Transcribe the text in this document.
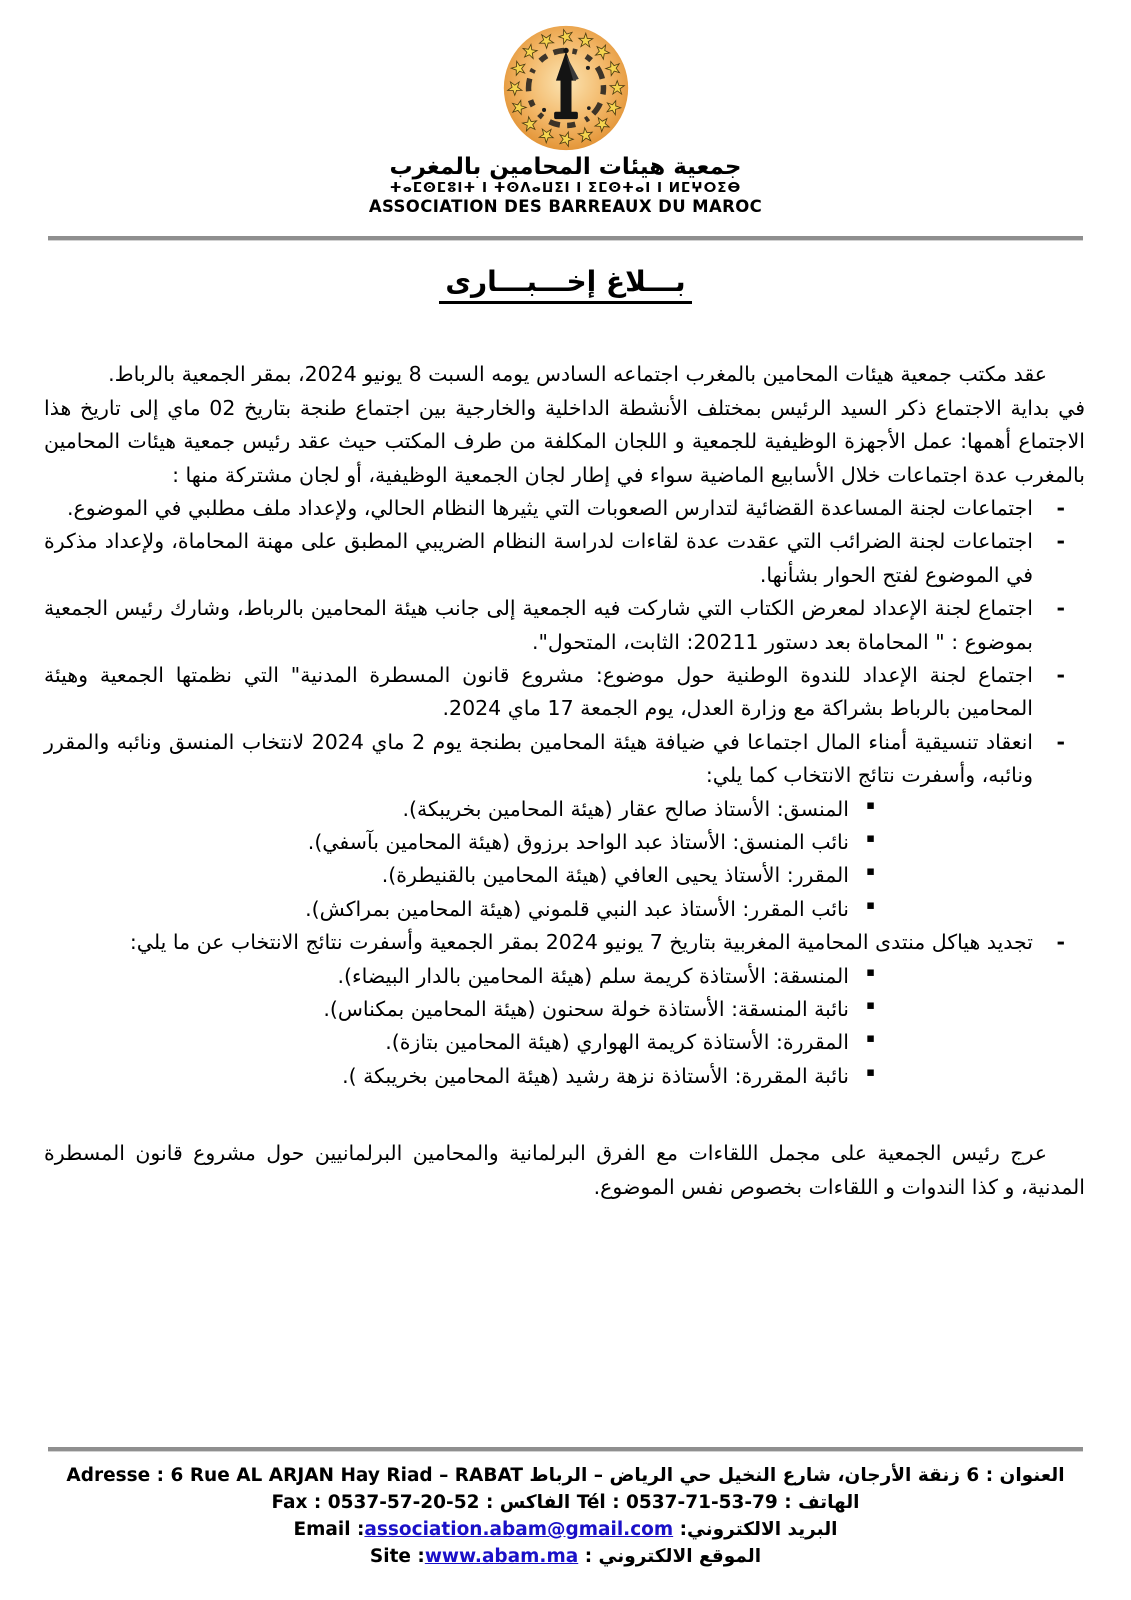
جمعية هيئات المحامين بالمغرب
ⵜⴰⵎⵙⵎⵓⵏⵜ ⵏ ⵜⵙⴷⴰⵡⵉⵏ ⵏ ⵉⵎⵙⵜⴰⵏ ⵏ ⵍⵎⵖⵔⵉⴱ
ASSOCIATION DES BARREAUX DU MAROC
بـــلاغ إخـــبـــارى

عقد مكتب جمعية هيئات المحامين بالمغرب اجتماعه السادس يومه السبت 8 يونيو 2024، بمقر الجمعية بالرباط.

في بداية الاجتماع ذكر السيد الرئيس بمختلف الأنشطة الداخلية والخارجية بين اجتماع طنجة بتاريخ 02 ماي إلى تاريخ هذا الاجتماع أهمها: عمل الأجهزة الوظيفية للجمعية و اللجان المكلفة من طرف المكتب حيث عقد رئيس جمعية هيئات المحامين بالمغرب عدة اجتماعات خلال الأسابيع الماضية سواء في إطار لجان الجمعية الوظيفية، أو لجان مشتركة منها :

-
اجتماعات لجنة المساعدة القضائية لتدارس الصعوبات التي يثيرها النظام الحالي، ولإعداد ملف مطلبي في الموضوع.
-
اجتماعات لجنة الضرائب التي عقدت عدة لقاءات لدراسة النظام الضريبي المطبق على مهنة المحاماة، ولإعداد مذكرة في الموضوع لفتح الحوار بشأنها.
-
اجتماع لجنة الإعداد لمعرض الكتاب التي شاركت فيه الجمعية إلى جانب هيئة المحامين بالرباط، وشارك رئيس الجمعية بموضوع : " المحاماة بعد دستور 20211: الثابت، المتحول".
-
اجتماع لجنة الإعداد للندوة الوطنية حول موضوع: مشروع قانون المسطرة المدنية" التي نظمتها الجمعية وهيئة المحامين بالرباط بشراكة مع وزارة العدل، يوم الجمعة 17 ماي 2024.
-
انعقاد تنسيقية أمناء المال اجتماعا في ضيافة هيئة المحامين بطنجة يوم 2 ماي 2024 لانتخاب المنسق ونائبه والمقرر ونائبه، وأسفرت نتائج الانتخاب كما يلي:
▪
المنسق: الأستاذ صالح عقار (هيئة المحامين بخريبكة).
▪
نائب المنسق: الأستاذ عبد الواحد برزوق (هيئة المحامين بآسفي).
▪
المقرر: الأستاذ يحيى العافي (هيئة المحامين بالقنيطرة).
▪
نائب المقرر: الأستاذ عبد النبي قلموني (هيئة المحامين بمراكش).
-
تجديد هياكل منتدى المحامية المغربية بتاريخ 7 يونيو 2024 بمقر الجمعية وأسفرت نتائج الانتخاب عن ما يلي:
▪
المنسقة: الأستاذة كريمة سلم (هيئة المحامين بالدار البيضاء).
▪
نائبة المنسقة: الأستاذة خولة سحنون (هيئة المحامين بمكناس).
▪
المقررة: الأستاذة كريمة الهواري (هيئة المحامين بتازة).
▪
نائبة المقررة: الأستاذة نزهة رشيد (هيئة المحامين بخريبكة ).

عرج رئيس الجمعية على مجمل اللقاءات مع الفرق البرلمانية والمحامين البرلمانيين حول مشروع قانون المسطرة المدنية، و كذا الندوات و اللقاءات بخصوص نفس الموضوع.

العنوان : 6 زنقة الأرجان، شارع النخيل حي الرياض – الرباط Adresse : 6 Rue AL ARJAN Hay Riad – RABAT
الهاتف : Tél : 0537-71-53-79 الفاكس : Fax : 0537-57-20-52
البريد الالكتروني: Email :association.abam@gmail.com
الموقع الالكتروني : Site :www.abam.ma
